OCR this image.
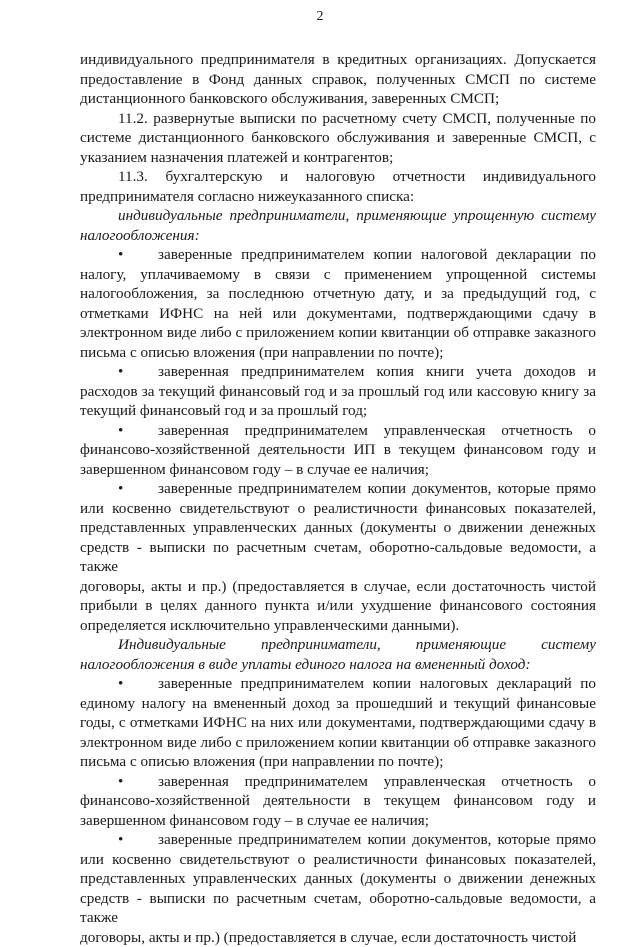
2

индивидуального предпринимателя в кредитных организациях. Допускается

предоставление в Фонд данных справок, полученных СМСП по системе

дистанционного банковского обслуживания, заверенных СМСП;

11.2. развернутые выписки по расчетному счету СМСП, полученные по

системе дистанционного банковского обслуживания и заверенные СМСП, с

указанием назначения платежей и контрагентов;

11.3. бухгалтерскую и налоговую отчетности индивидуального

предпринимателя согласно нижеуказанного списка:

индивидуальные предприниматели, применяющие упрощенную систему

налогообложения:

• заверенные предпринимателем копии налоговой декларации по

налогу, уплачиваемому в связи с применением упрощенной системы

налогообложения, за последнюю отчетную дату, и за предыдущий год, с

отметками ИФНС на ней или документами, подтверждающими сдачу в

электронном виде либо с приложением копии квитанции об отправке заказного

письма с описью вложения (при направлении по почте);

• заверенная предпринимателем копия книги учета доходов и

расходов за текущий финансовый год и за прошлый год или кассовую книгу за

текущий финансовый год и за прошлый год;

• заверенная предпринимателем управленческая отчетность о

финансово-хозяйственной деятельности ИП в текущем финансовом году и

завершенном финансовом году – в случае ее наличия;

• заверенные предпринимателем копии документов, которые прямо

или косвенно свидетельствуют о реалистичности финансовых показателей,

представленных управленческих данных (документы о движении денежных

средств - выписки по расчетным счетам, оборотно-сальдовые ведомости, а также

договоры, акты и пр.) (предоставляется в случае, если достаточность чистой

прибыли в целях данного пункта и/или ухудшение финансового состояния

определяется исключительно управленческими данными).

Индивидуальные предприниматели, применяющие систему

налогообложения в виде уплаты единого налога на вмененный доход:

• заверенные предпринимателем копии налоговых деклараций по

единому налогу на вмененный доход за прошедший и текущий финансовые

годы, с отметками ИФНС на них или документами, подтверждающими сдачу в

электронном виде либо с приложением копии квитанции об отправке заказного

письма с описью вложения (при направлении по почте);

• заверенная предпринимателем управленческая отчетность о

финансово-хозяйственной деятельности в текущем финансовом году и

завершенном финансовом году – в случае ее наличия;

• заверенные предпринимателем копии документов, которые прямо

или косвенно свидетельствуют о реалистичности финансовых показателей,

представленных управленческих данных (документы о движении денежных

средств - выписки по расчетным счетам, оборотно-сальдовые ведомости, а также

договоры, акты и пр.) (предоставляется в случае, если достаточность чистой
